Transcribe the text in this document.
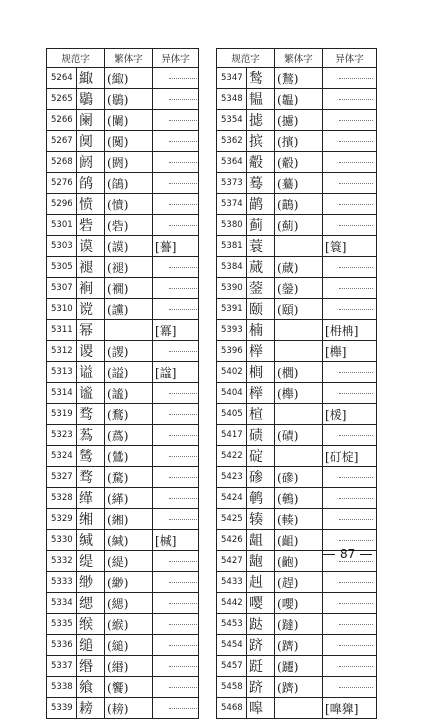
规范字		繁体字	异体字
5264	緅	(緅)	
5265	鶡	(鶡)	
5266	阑	(闌)	
5267	阒	(闃)	
5268	阏	(閼)	
5276	鹐	(鵮)	
5296	愤	(憤)	
5301	砦	(砦)	
5303	谟	(謨)	[謩]
5305	褪	(褪)	
5307	裥	(襉)	
5310	谠	(讜)	
5311	幂		[冪]
5312	谡	(謖)	
5313	谥	(謚)	[諡]
5314	谧	(謐)	
5319	骛	(鶩)	
5323	蒍	(蔿)	
5324	鸶	(鷥)	
5327	骛	(騖)	
5328	缂	(緙)	
5329	缃	(緗)	
5330	缄	(緘)	[椷]
5332	缇	(緹)	
5333	缈	(緲)	
5334	缌	(緦)	
5335	缑	(緱)	
5336	缒	(縋)	
5337	缗	(緡)	
5338	飨	(饗)	
5339	耪	(耪)	
规范字		繁体字	异体字
5347	鹙	(鶖)	
5348	韫	(韞)	
5354	摅	(攄)	
5362	摈	(擯)	
5364	觳	(觳)	
5373	蓦	(驀)	
5374	鹋	(鶓)	
5380	蓟	(薊)	
5381	蓑		[簑]
5384	蒇	(蕆)	
5390	蓥	(鎣)	
5391	颐	(頤)	
5393	楠		[枏柟]
5396	榉		[櫸]
5402	榈	(櫚)	
5404	榉	(櫸)	
5405	楦		[楥]
5417	碛	(磧)	
5422	碇		[矴椗]
5423	碜	(磣)	
5424	鹌	(鵪)	
5425	辏	(輳)	
5426	龃	(齟)	
5427	龅	(齙)	
5433	赳	(趕)	
5442	嘤	(嚶)	
5453	跶	(躂)	
5454	跻	(躋)	
5457	跹	(躚)	
5458	跻	(躋)	
5468	嗥		[嘷獋]
87
